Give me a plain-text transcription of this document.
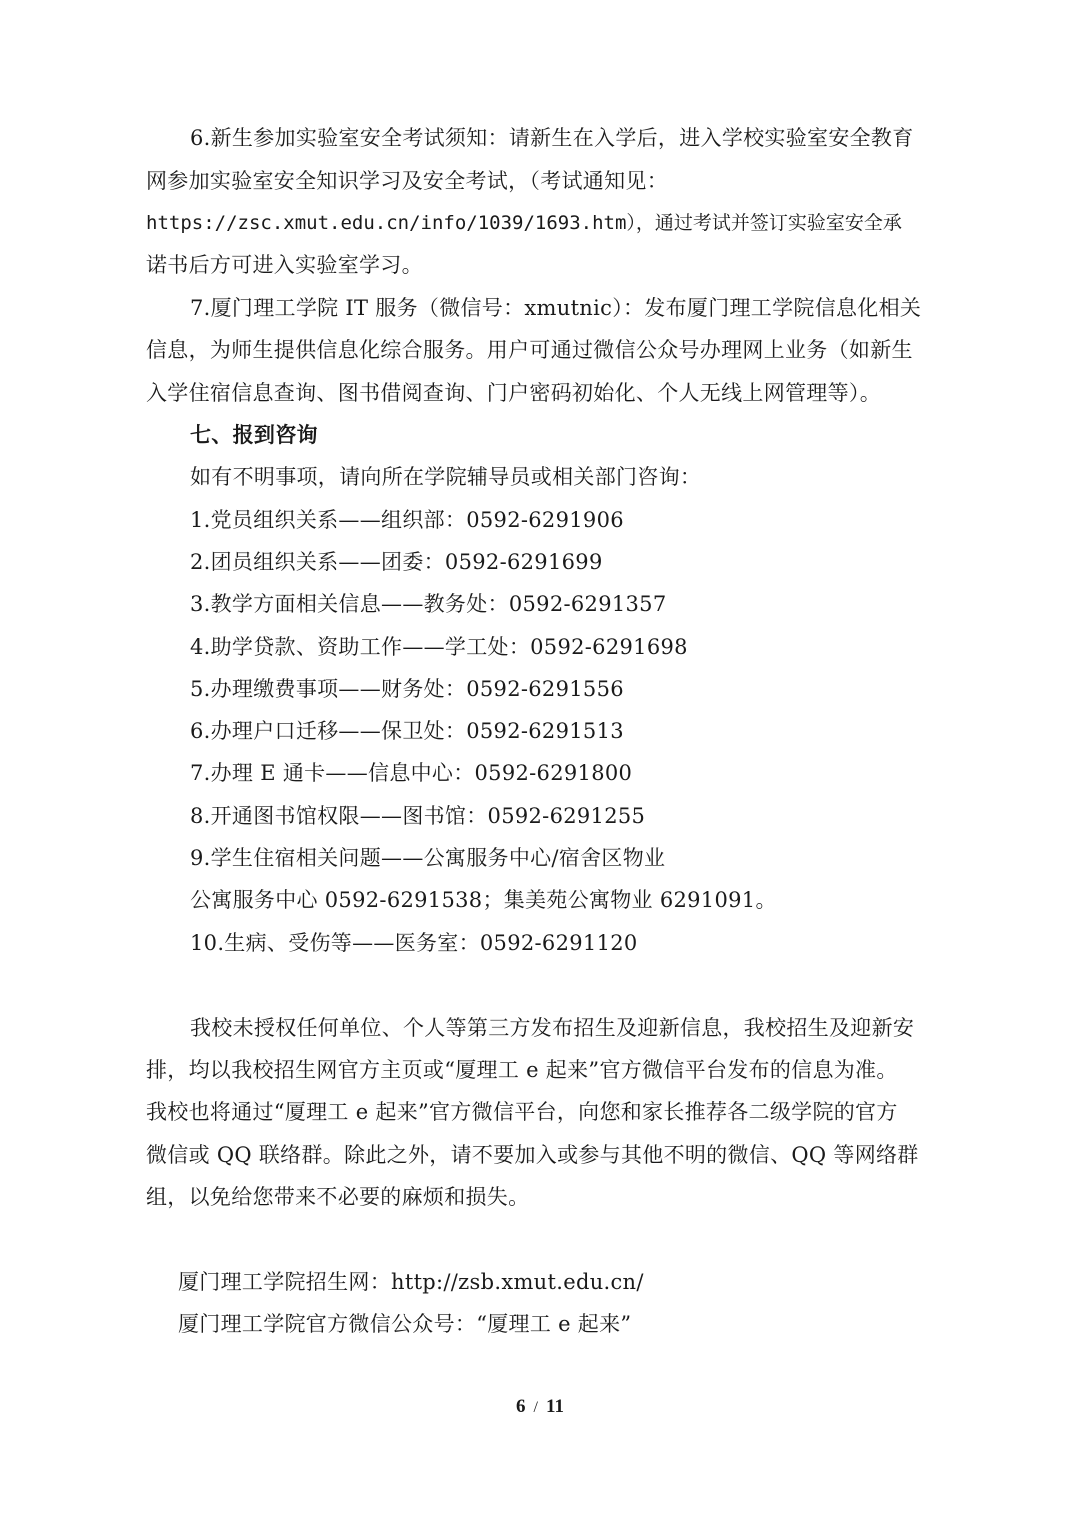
6.新生参加实验室安全考试须知：请新生在入学后，进入学校实验室安全教育
网参加实验室安全知识学习及安全考试，（考试通知见：
https://zsc.xmut.edu.cn/info/1039/1693.htm），通过考试并签订实验室安全承
诺书后方可进入实验室学习。
7.厦门理工学院 IT 服务（微信号：xmutnic）：发布厦门理工学院信息化相关
信息，为师生提供信息化综合服务。用户可通过微信公众号办理网上业务（如新生
入学住宿信息查询、图书借阅查询、门户密码初始化、个人无线上网管理等）。
七、报到咨询
如有不明事项，请向所在学院辅导员或相关部门咨询：
1.党员组织关系——组织部：0592-6291906
2.团员组织关系——团委：0592-6291699
3.教学方面相关信息——教务处：0592-6291357
4.助学贷款、资助工作——学工处：0592-6291698
5.办理缴费事项——财务处：0592-6291556
6.办理户口迁移——保卫处：0592-6291513
7.办理 E 通卡——信息中心：0592-6291800
8.开通图书馆权限——图书馆：0592-6291255
9.学生住宿相关问题——公寓服务中心/宿舍区物业
公寓服务中心 0592-6291538；集美苑公寓物业 6291091。
10.生病、受伤等——医务室：0592-6291120
我校未授权任何单位、个人等第三方发布招生及迎新信息，我校招生及迎新安
排，均以我校招生网官方主页或“厦理工 e 起来”官方微信平台发布的信息为准。
我校也将通过“厦理工 e 起来”官方微信平台，向您和家长推荐各二级学院的官方
微信或 QQ 联络群。除此之外，请不要加入或参与其他不明的微信、QQ 等网络群
组，以免给您带来不必要的麻烦和损失。
厦门理工学院招生网：http://zsb.xmut.edu.cn/
厦门理工学院官方微信公众号：“厦理工 e 起来”
6 / 11
